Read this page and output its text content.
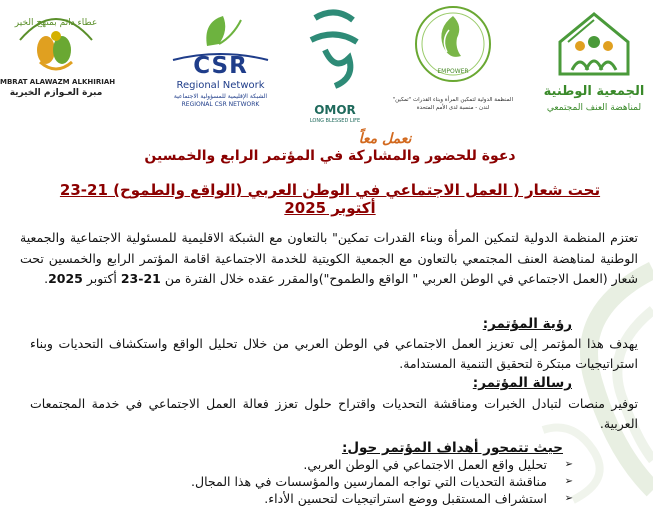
عطاء دائم بمنهج الخير
MBRAT ALAWAZM ALKHIRIAH
مبرة العـوازم الخيرية
CSR
Regional Network
الشبكة الإقليمية للمسؤولية الاجتماعية
REGIONAL CSR NETWORK	OMOR
LONG BLESSED LIFE
EMPOWER
المنظمة الدولية لتمكين المرأة وبناء القدرات "تمكين"
لندن - منسبة لدى الأمم المتحدة
الجمعية الوطنية
لمناهضة العنف المجتمعي
نعمل معاً
دعوة للحضور والمشاركة في المؤتمر الرابع والخمسين
تحت شعار ( العمل الاجتماعي في الوطن العربي (الواقع والطموح) 21-23 أكتوبر 2025
تعتزم المنظمة الدولية لتمكين المرأة وبناء القدرات تمكين" بالتعاون مع الشبكة الاقليمية للمسئولية الاجتماعية والجمعية الوطنية لمناهضة العنف المجتمعي بالتعاون مع الجمعية الكويتية للخدمة الاجتماعية اقامة المؤتمر الرابع والخمسين تحت شعار (العمل الاجتماعي في الوطن العربي " الواقع والطموح")والمقرر عقده خلال الفترة من 21-23 أكتوبر 2025.
رؤية المؤتمر:
يهدف هذا المؤتمر إلى تعزيز العمل الاجتماعي في الوطن العربي من خلال تحليل الواقع واستكشاف التحديات وبناء استراتيجيات مبتكرة لتحقيق التنمية المستدامة.
رسالة المؤتمر:
توفير منصات لتبادل الخبرات ومناقشة التحديات واقتراح حلول تعزز فعالة العمل الاجتماعي في خدمة المجتمعات العربية.
حيث تتمحور أهداف المؤتمر حول:
➢
تحليل واقع العمل الاجتماعي في الوطن العربي.
➢
مناقشة التحديات التي تواجه الممارسين والمؤسسات في هذا المجال.
➢
استشراف المستقبل ووضع استراتيجيات لتحسين الأداء.
